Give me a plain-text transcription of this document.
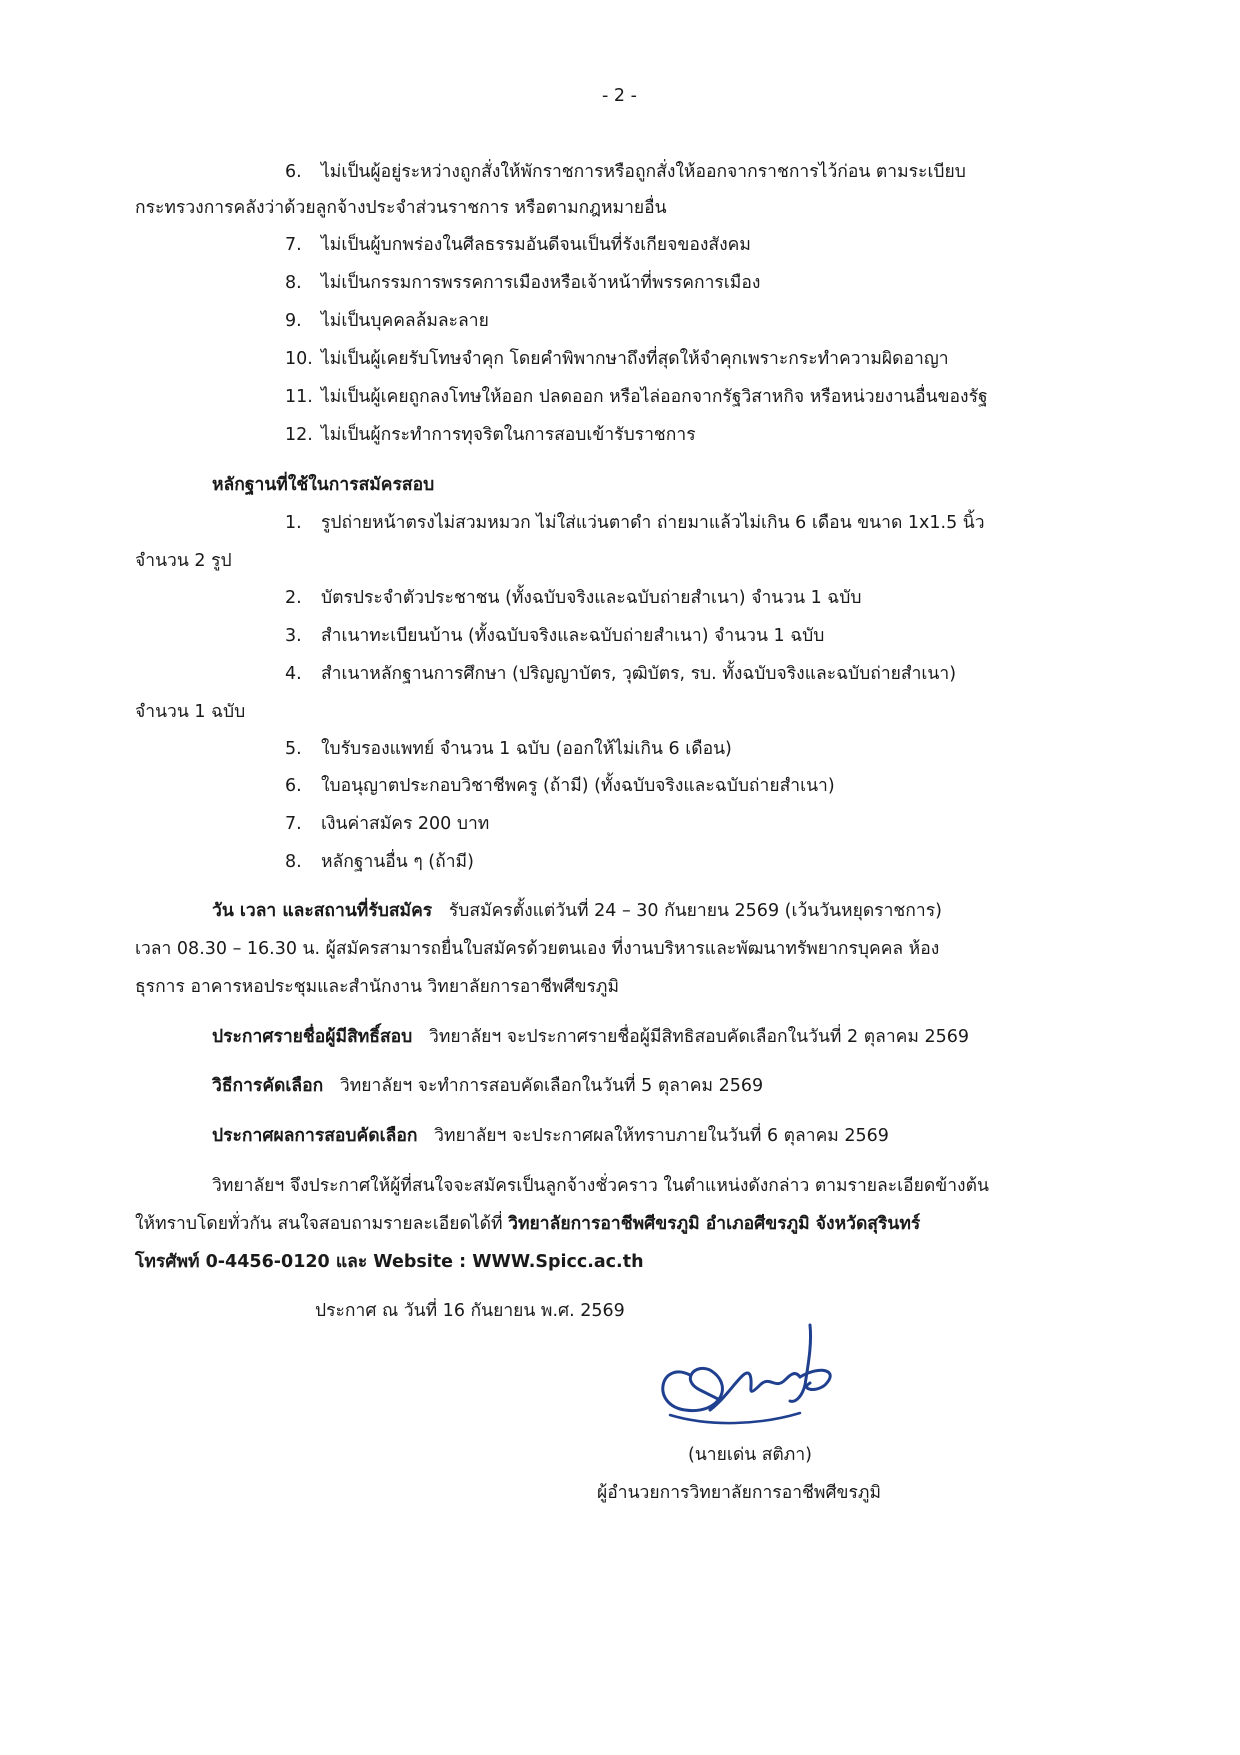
- 2 -
6. ไม่เป็นผู้อยู่ระหว่างถูกสั่งให้พักราชการหรือถูกสั่งให้ออกจากราชการไว้ก่อน ตามระเบียบ
กระทรวงการคลังว่าด้วยลูกจ้างประจำส่วนราชการ หรือตามกฎหมายอื่น
7. ไม่เป็นผู้บกพร่องในศีลธรรมอันดีจนเป็นที่รังเกียจของสังคม
8. ไม่เป็นกรรมการพรรคการเมืองหรือเจ้าหน้าที่พรรคการเมือง
9. ไม่เป็นบุคคลล้มละลาย
10. ไม่เป็นผู้เคยรับโทษจำคุก โดยคำพิพากษาถึงที่สุดให้จำคุกเพราะกระทำความผิดอาญา
11. ไม่เป็นผู้เคยถูกลงโทษให้ออก ปลดออก หรือไล่ออกจากรัฐวิสาหกิจ หรือหน่วยงานอื่นของรัฐ
12. ไม่เป็นผู้กระทำการทุจริตในการสอบเข้ารับราชการ
หลักฐานที่ใช้ในการสมัครสอบ
1. รูปถ่ายหน้าตรงไม่สวมหมวก ไม่ใส่แว่นตาดำ ถ่ายมาแล้วไม่เกิน 6 เดือน ขนาด 1x1.5 นิ้ว
จำนวน 2 รูป
2. บัตรประจำตัวประชาชน (ทั้งฉบับจริงและฉบับถ่ายสำเนา) จำนวน 1 ฉบับ
3. สำเนาทะเบียนบ้าน (ทั้งฉบับจริงและฉบับถ่ายสำเนา) จำนวน 1 ฉบับ
4. สำเนาหลักฐานการศึกษา (ปริญญาบัตร, วุฒิบัตร, รบ. ทั้งฉบับจริงและฉบับถ่ายสำเนา)
จำนวน 1 ฉบับ
5. ใบรับรองแพทย์ จำนวน 1 ฉบับ (ออกให้ไม่เกิน 6 เดือน)
6. ใบอนุญาตประกอบวิชาชีพครู (ถ้ามี) (ทั้งฉบับจริงและฉบับถ่ายสำเนา)
7. เงินค่าสมัคร 200 บาท
8. หลักฐานอื่น ๆ (ถ้ามี)
วัน เวลา และสถานที่รับสมัคร รับสมัครตั้งแต่วันที่ 24 – 30 กันยายน 2569 (เว้นวันหยุดราชการ)
เวลา 08.30 – 16.30 น. ผู้สมัครสามารถยื่นใบสมัครด้วยตนเอง ที่งานบริหารและพัฒนาทรัพยากรบุคคล ห้อง
ธุรการ อาคารหอประชุมและสำนักงาน วิทยาลัยการอาชีพศีขรภูมิ
ประกาศรายชื่อผู้มีสิทธิ์สอบ วิทยาลัยฯ จะประกาศรายชื่อผู้มีสิทธิสอบคัดเลือกในวันที่ 2 ตุลาคม 2569
วิธีการคัดเลือก วิทยาลัยฯ จะทำการสอบคัดเลือกในวันที่ 5 ตุลาคม 2569
ประกาศผลการสอบคัดเลือก วิทยาลัยฯ จะประกาศผลให้ทราบภายในวันที่ 6 ตุลาคม 2569
วิทยาลัยฯ จึงประกาศให้ผู้ที่สนใจจะสมัครเป็นลูกจ้างชั่วคราว ในตำแหน่งดังกล่าว ตามรายละเอียดข้างต้น
ให้ทราบโดยทั่วกัน สนใจสอบถามรายละเอียดได้ที่ วิทยาลัยการอาชีพศีขรภูมิ อำเภอศีขรภูมิ จังหวัดสุรินทร์
โทรศัพท์ 0-4456-0120 และ Website : WWW.Spicc.ac.th
ประกาศ ณ วันที่ 16 กันยายน พ.ศ. 2569
(นายเด่น สติภา)
ผู้อำนวยการวิทยาลัยการอาชีพศีขรภูมิ
